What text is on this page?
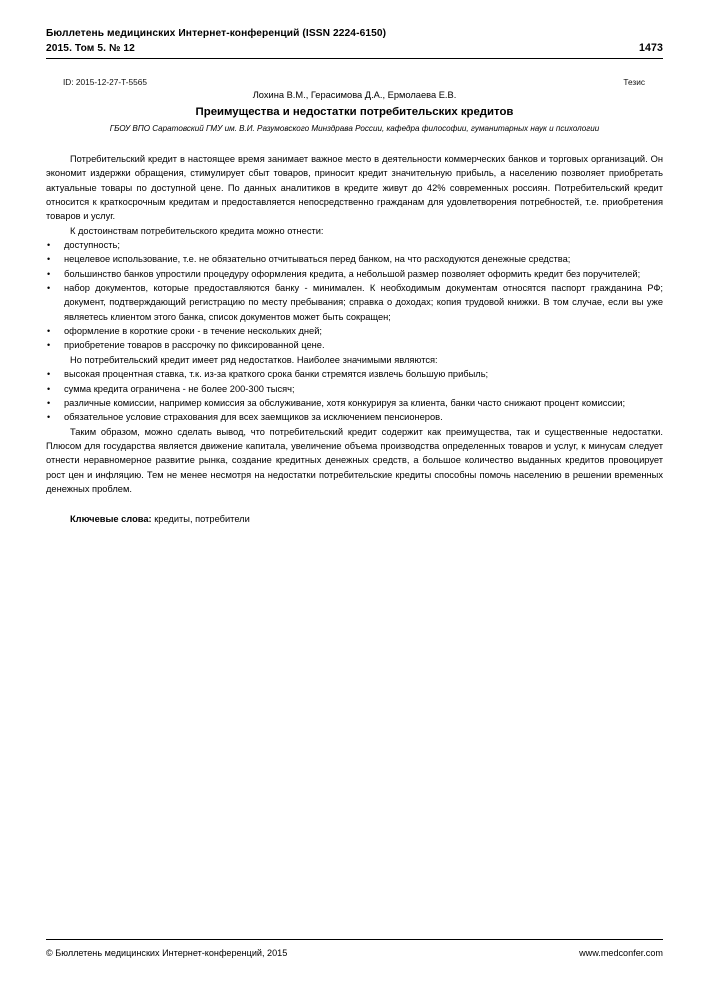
Бюллетень медицинских Интернет-конференций (ISSN 2224-6150)
2015. Том 5. № 12	1473
ID: 2015-12-27-T-5565	Тезис

Лохина В.М., Герасимова Д.А., Ермолаева Е.В.

Преимущества и недостатки потребительских кредитов

ГБОУ ВПО Саратовский ГМУ им. В.И. Разумовского Минздрава России, кафедра философии, гуманитарных наук и психологии

Потребительский кредит в настоящее время занимает важное место в деятельности коммерческих банков и торговых организаций. Он экономит издержки обращения, стимулирует сбыт товаров, приносит кредит значительную прибыль, а населению позволяет приобретать актуальные товары по доступной цене. По данных аналитиков в кредите живут до 42% современных россиян. Потребительский кредит относится к краткосрочным кредитам и предоставляется непосредственно гражданам для удовлетворения потребностей, т.е. приобретения товаров и услуг.

К достоинствам потребительского кредита можно отнести:

• доступность;
• нецелевое использование, т.е. не обязательно отчитываться перед банком, на что расходуются денежные средства;
• большинство банков упростили процедуру оформления кредита, а небольшой размер позволяет оформить кредит без поручителей;
• набор документов, которые предоставляются банку - минимален. К необходимым документам относятся паспорт гражданина РФ; документ, подтверждающий регистрацию по месту пребывания; справка о доходах; копия трудовой книжки. В том случае, если вы уже являетесь клиентом этого банка, список документов может быть сокращен;
• оформление в короткие сроки - в течение нескольких дней;
• приобретение товаров в рассрочку по фиксированной цене.

Но потребительский кредит имеет ряд недостатков. Наиболее значимыми являются:

• высокая процентная ставка, т.к. из-за краткого срока банки стремятся извлечь большую прибыль;
• сумма кредита ограничена - не более 200-300 тысяч;
• различные комиссии, например комиссия за обслуживание, хотя конкурируя за клиента, банки часто снижают процент комиссии;
• обязательное условие страхования для всех заемщиков за исключением пенсионеров.

Таким образом, можно сделать вывод, что потребительский кредит содержит как преимущества, так и существенные недостатки. Плюсом для государства является движение капитала, увеличение объема производства определенных товаров и услуг, к минусам следует отнести неравномерное развитие рынка, создание кредитных денежных средств, а большое количество выданных кредитов провоцирует рост цен и инфляцию. Тем не менее несмотря на недостатки потребительские кредиты способны помочь населению в решении временных денежных проблем.

Ключевые слова: кредиты, потребители
© Бюллетень медицинских Интернет-конференций, 2015	www.medconfer.com
